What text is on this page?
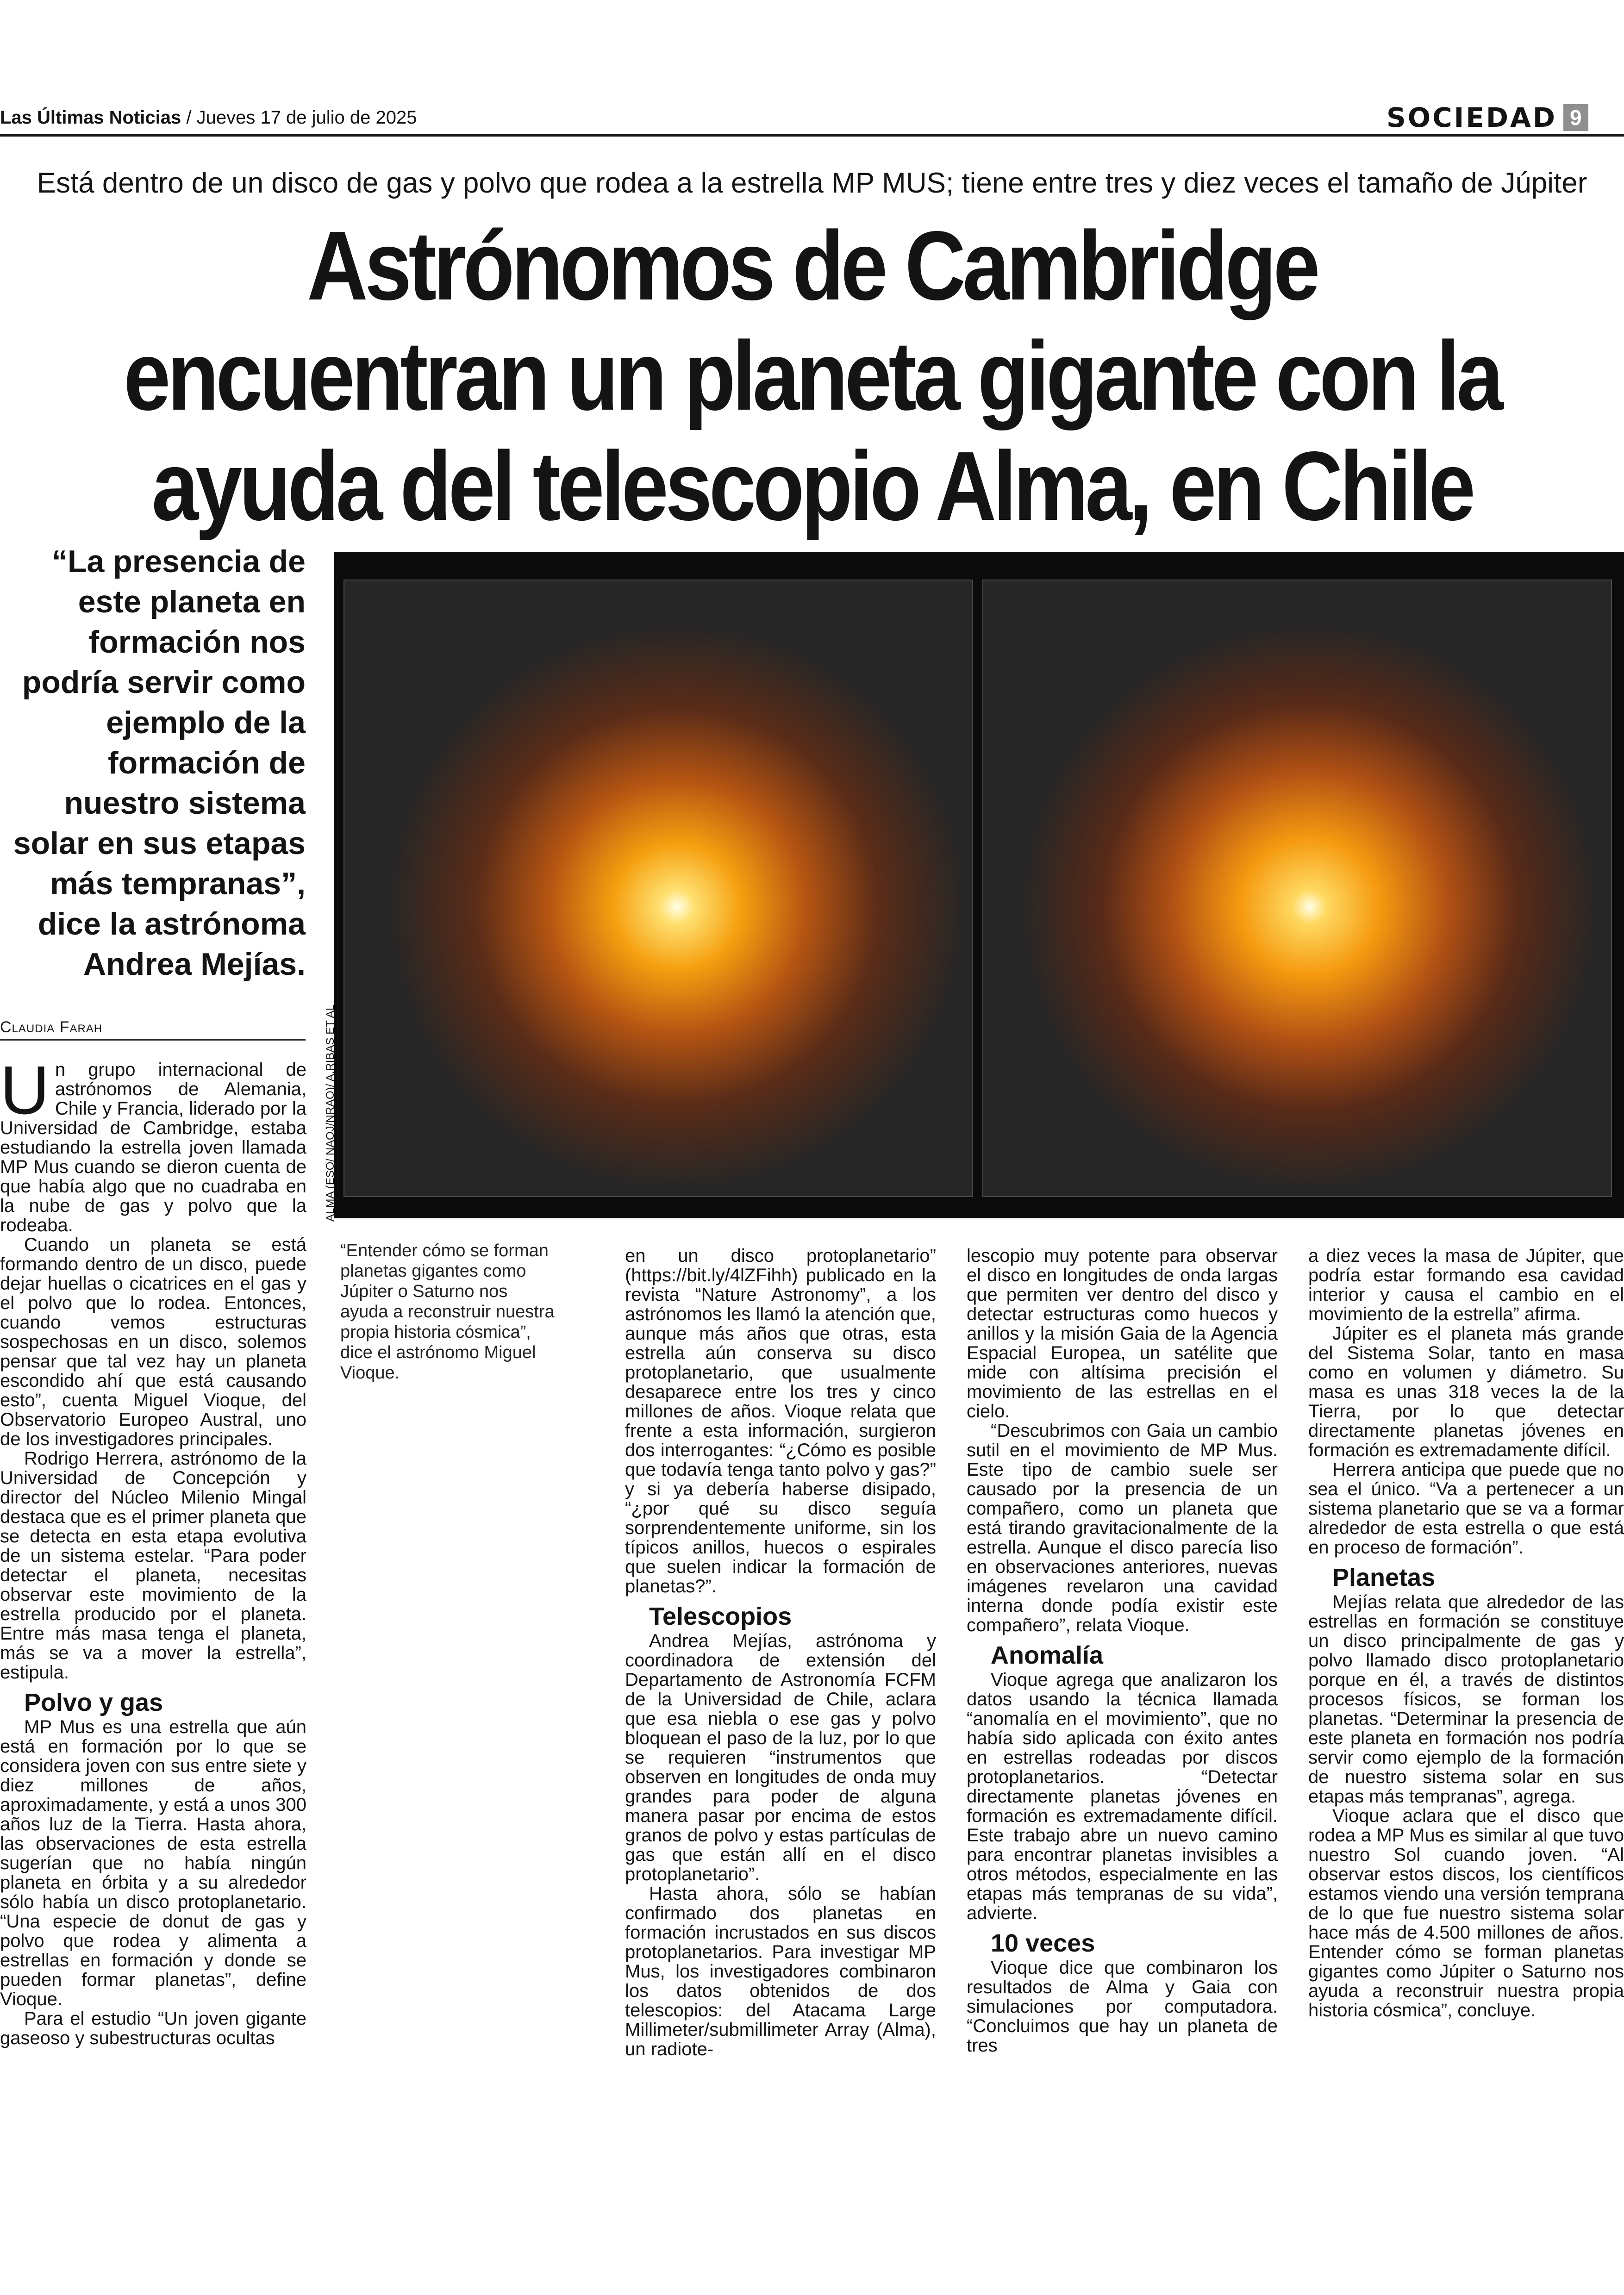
Las Últimas Noticias / Jueves 17 de julio de 2025	SOCIEDAD 9
Está dentro de un disco de gas y polvo que rodea a la estrella MP MUS; tiene entre tres y diez veces el tamaño de Júpiter
Astrónomos de Cambridge encuentran un planeta gigante con la ayuda del telescopio Alma, en Chile
“La presencia de este planeta en formación nos podría servir como ejemplo de la formación de nuestro sistema solar en sus etapas más tempranas”, dice la astrónoma Andrea Mejías.
ALMA (ESO/ NAOJ/NRAO)/ A.RIBAS ET AL
Claudia Farah

Un grupo internacional de astrónomos de Alemania, Chile y Francia, liderado por la Universidad de Cambridge, estaba estudiando la estrella joven llamada MP Mus cuando se dieron cuenta de que había algo que no cuadraba en la nube de gas y polvo que la rodeaba.

Cuando un planeta se está formando dentro de un disco, puede dejar huellas o cicatrices en el gas y el polvo que lo rodea. Entonces, cuando vemos estructuras sospechosas en un disco, solemos pensar que tal vez hay un planeta escondido ahí que está causando esto”, cuenta Miguel Vioque, del Observatorio Europeo Austral, uno de los investigadores principales.

Rodrigo Herrera, astrónomo de la Universidad de Concepción y director del Núcleo Milenio Mingal destaca que es el primer planeta que se detecta en esta etapa evolutiva de un sistema estelar. “Para poder detectar el planeta, necesitas observar este movimiento de la estrella producido por el planeta. Entre más masa tenga el planeta, más se va a mover la estrella”, estipula.

Polvo y gas

MP Mus es una estrella que aún está en formación por lo que se considera joven con sus entre siete y diez millones de años, aproximadamente, y está a unos 300 años luz de la Tierra. Hasta ahora, las observaciones de esta estrella sugerían que no había ningún planeta en órbita y a su alrededor sólo había un disco protoplanetario. “Una especie de donut de gas y polvo que rodea y alimenta a estrellas en formación y donde se pueden formar planetas”, define Vioque.

Para el estudio “Un joven gigante gaseoso y subestructuras ocultas

“Entender cómo se forman planetas gigantes como Júpiter o Saturno nos ayuda a reconstruir nuestra propia historia cósmica”, dice el astrónomo Miguel Vioque.

en un disco protoplanetario” (https://bit.ly/4lZFihh) publicado en la revista “Nature Astronomy”, a los astrónomos les llamó la atención que, aunque más años que otras, esta estrella aún conserva su disco protoplanetario, que usualmente desaparece entre los tres y cinco millones de años. Vioque relata que frente a esta información, surgieron dos interrogantes: “¿Cómo es posible que todavía tenga tanto polvo y gas?” y si ya debería haberse disipado, “¿por qué su disco seguía sorprendentemente uniforme, sin los típicos anillos, huecos o espirales que suelen indicar la formación de planetas?”.

Telescopios

Andrea Mejías, astrónoma y coordinadora de extensión del Departamento de Astronomía FCFM de la Universidad de Chile, aclara que esa niebla o ese gas y polvo bloquean el paso de la luz, por lo que se requieren “instrumentos que observen en longitudes de onda muy grandes para poder de alguna manera pasar por encima de estos granos de polvo y estas partículas de gas que están allí en el disco protoplanetario”.

Hasta ahora, sólo se habían confirmado dos planetas en formación incrustados en sus discos protoplanetarios. Para investigar MP Mus, los investigadores combinaron los datos obtenidos de dos telescopios: del Atacama Large Millimeter/submillimeter Array (Alma), un radiote-

lescopio muy potente para observar el disco en longitudes de onda largas que permiten ver dentro del disco y detectar estructuras como huecos y anillos y la misión Gaia de la Agencia Espacial Europea, un satélite que mide con altísima precisión el movimiento de las estrellas en el cielo.

“Descubrimos con Gaia un cambio sutil en el movimiento de MP Mus. Este tipo de cambio suele ser causado por la presencia de un compañero, como un planeta que está tirando gravitacionalmente de la estrella. Aunque el disco parecía liso en observaciones anteriores, nuevas imágenes revelaron una cavidad interna donde podía existir este compañero”, relata Vioque.

Anomalía

Vioque agrega que analizaron los datos usando la técnica llamada “anomalía en el movimiento”, que no había sido aplicada con éxito antes en estrellas rodeadas por discos protoplanetarios. “Detectar directamente planetas jóvenes en formación es extremadamente difícil. Este trabajo abre un nuevo camino para encontrar planetas invisibles a otros métodos, especialmente en las etapas más tempranas de su vida”, advierte.

10 veces

Vioque dice que combinaron los resultados de Alma y Gaia con simulaciones por computadora. “Concluimos que hay un planeta de tres

a diez veces la masa de Júpiter, que podría estar formando esa cavidad interior y causa el cambio en el movimiento de la estrella” afirma.

Júpiter es el planeta más grande del Sistema Solar, tanto en masa como en volumen y diámetro. Su masa es unas 318 veces la de la Tierra, por lo que detectar directamente planetas jóvenes en formación es extremadamente difícil.

Herrera anticipa que puede que no sea el único. “Va a pertenecer a un sistema planetario que se va a formar alrededor de esta estrella o que está en proceso de formación”.

Planetas

Mejías relata que alrededor de las estrellas en formación se constituye un disco principalmente de gas y polvo llamado disco protoplanetario porque en él, a través de distintos procesos físicos, se forman los planetas. “Determinar la presencia de este planeta en formación nos podría servir como ejemplo de la formación de nuestro sistema solar en sus etapas más tempranas”, agrega.

Vioque aclara que el disco que rodea a MP Mus es similar al que tuvo nuestro Sol cuando joven. “Al observar estos discos, los científicos estamos viendo una versión temprana de lo que fue nuestro sistema solar hace más de 4.500 millones de años. Entender cómo se forman planetas gigantes como Júpiter o Saturno nos ayuda a reconstruir nuestra propia historia cósmica”, concluye.
